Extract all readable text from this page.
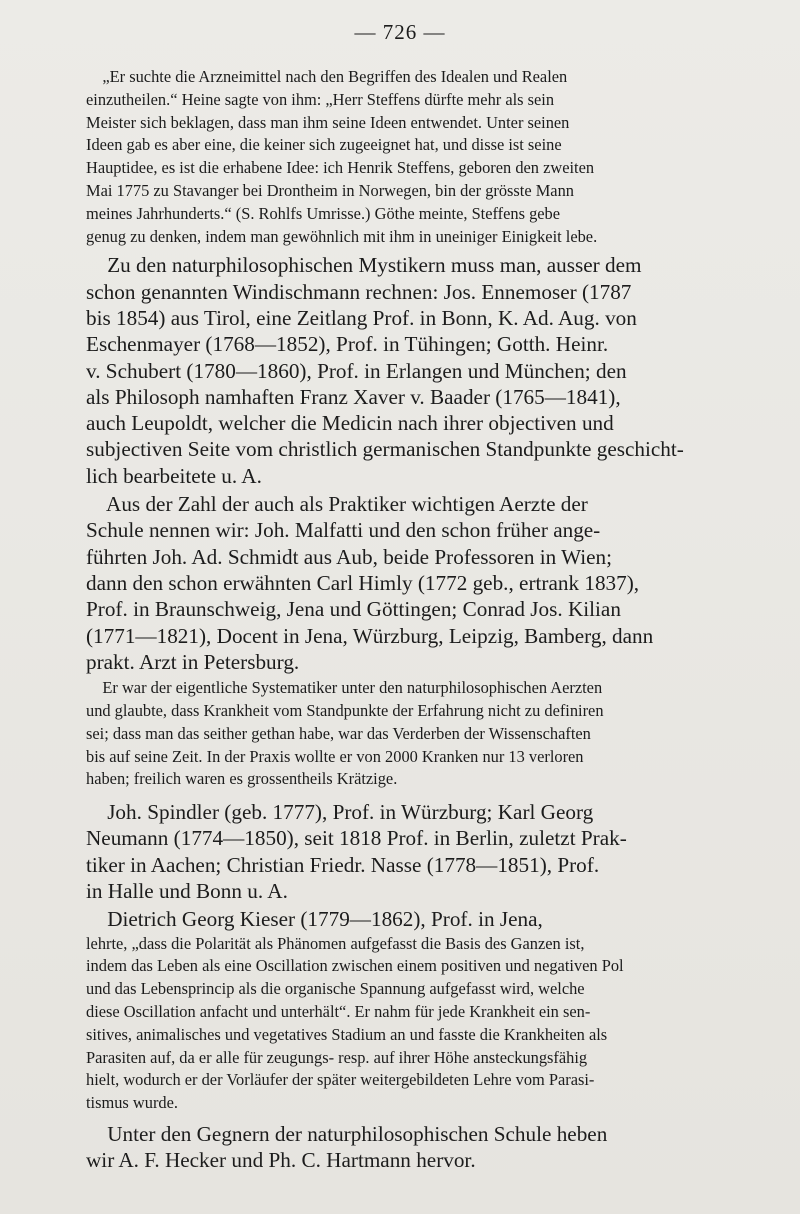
— 726 —
„Er suchte die Arzneimittel nach den Begriffen des Idealen und Realen
einzutheilen.“ Heine sagte von ihm: „Herr Steffens dürfte mehr als sein
Meister sich beklagen, dass man ihm seine Ideen entwendet. Unter seinen
Ideen gab es aber eine, die keiner sich zugeeignet hat, und disse ist seine
Hauptidee, es ist die erhabene Idee: ich Henrik Steffens, geboren den zweiten
Mai 1775 zu Stavanger bei Drontheim in Norwegen, bin der grösste Mann
meines Jahrhunderts.“ (S. Rohlfs Umrisse.) Göthe meinte, Steffens gebe
genug zu denken, indem man gewöhnlich mit ihm in uneiniger Einigkeit lebe.
Zu den naturphilosophischen Mystikern muss man, ausser dem
schon genannten Windischmann rechnen: Jos. Ennemoser (1787
bis 1854) aus Tirol, eine Zeitlang Prof. in Bonn, K. Ad. Aug. von
Eschenmayer (1768—1852), Prof. in Tühingen; Gotth. Heinr.
v. Schubert (1780—1860), Prof. in Erlangen und München; den
als Philosoph namhaften Franz Xaver v. Baader (1765—1841),
auch Leupoldt, welcher die Medicin nach ihrer objectiven und
subjectiven Seite vom christlich germanischen Standpunkte geschicht-
lich bearbeitete u. A.
Aus der Zahl der auch als Praktiker wichtigen Aerzte der
Schule nennen wir: Joh. Malfatti und den schon früher ange-
führten Joh. Ad. Schmidt aus Aub, beide Professoren in Wien;
dann den schon erwähnten Carl Himly (1772 geb., ertrank 1837),
Prof. in Braunschweig, Jena und Göttingen; Conrad Jos. Kilian
(1771—1821), Docent in Jena, Würzburg, Leipzig, Bamberg, dann
prakt. Arzt in Petersburg.
Er war der eigentliche Systematiker unter den naturphilosophischen Aerzten
und glaubte, dass Krankheit vom Standpunkte der Erfahrung nicht zu definiren
sei; dass man das seither gethan habe, war das Verderben der Wissenschaften
bis auf seine Zeit. In der Praxis wollte er von 2000 Kranken nur 13 verloren
haben; freilich waren es grossentheils Krätzige.
Joh. Spindler (geb. 1777), Prof. in Würzburg; Karl Georg
Neumann (1774—1850), seit 1818 Prof. in Berlin, zuletzt Prak-
tiker in Aachen; Christian Friedr. Nasse (1778—1851), Prof.
in Halle und Bonn u. A.
Dietrich Georg Kieser (1779—1862), Prof. in Jena,
lehrte, „dass die Polarität als Phänomen aufgefasst die Basis des Ganzen ist,
indem das Leben als eine Oscillation zwischen einem positiven und negativen Pol
und das Lebensprincip als die organische Spannung aufgefasst wird, welche
diese Oscillation anfacht und unterhält“. Er nahm für jede Krankheit ein sen-
sitives, animalisches und vegetatives Stadium an und fasste die Krankheiten als
Parasiten auf, da er alle für zeugungs- resp. auf ihrer Höhe ansteckungsfähig
hielt, wodurch er der Vorläufer der später weitergebildeten Lehre vom Parasi-
tismus wurde.
Unter den Gegnern der naturphilosophischen Schule heben
wir A. F. Hecker und Ph. C. Hartmann hervor.
